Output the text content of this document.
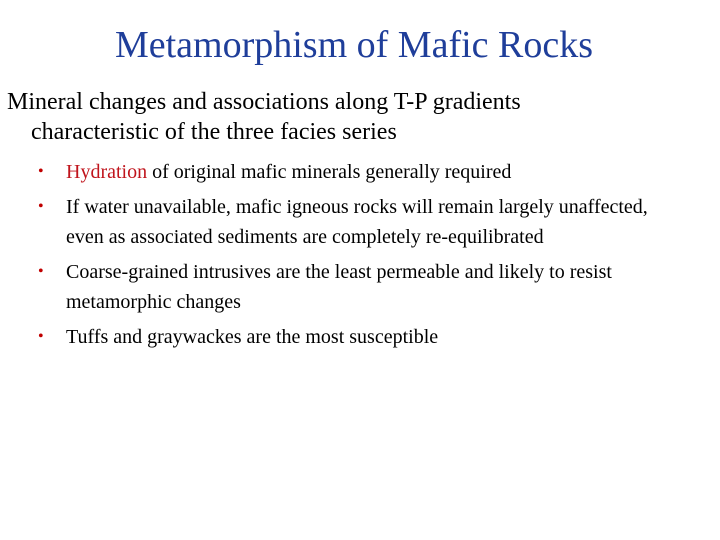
Metamorphism of Mafic Rocks
Mineral changes and associations along T-P gradients
characteristic of the three facies series
• Hydration of original mafic minerals generally required
• If water unavailable, mafic igneous rocks will remain largely unaffected, even as associated sediments are completely re-equilibrated
• Coarse-grained intrusives are the least permeable and likely to resist metamorphic changes
• Tuffs and graywackes are the most susceptible
